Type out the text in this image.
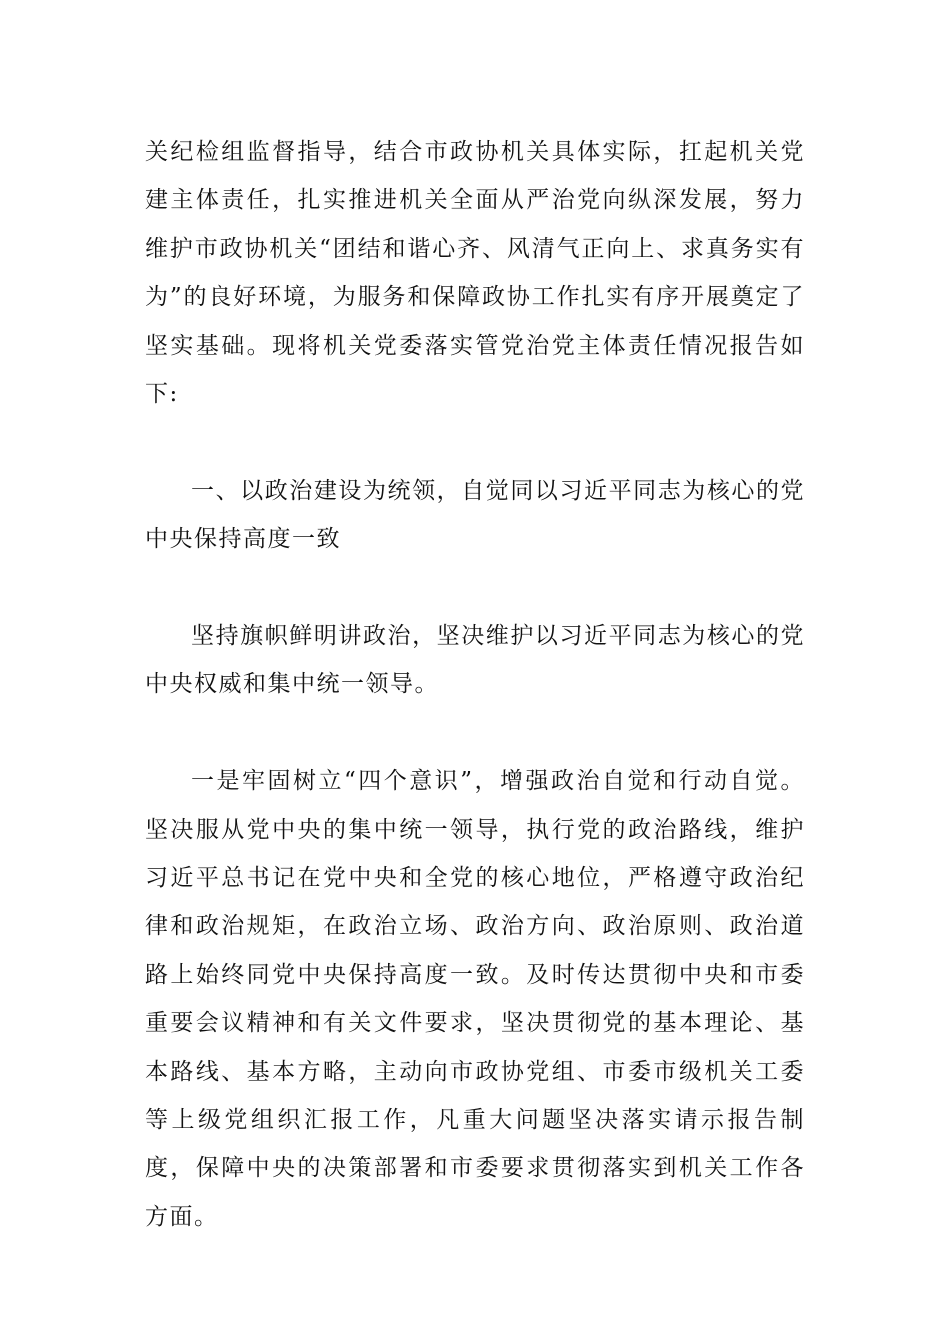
关纪检组监督指导，结合市政协机关具体实际，扛起机关党建主体责任，扎实推进机关全面从严治党向纵深发展，努力维护市政协机关“团结和谐心齐、风清气正向上、求真务实有为”的良好环境，为服务和保障政协工作扎实有序开展奠定了坚实基础。现将机关党委落实管党治党主体责任情况报告如下:

一、以政治建设为统领，自觉同以习近平同志为核心的党中央保持高度一致

坚持旗帜鲜明讲政治，坚决维护以习近平同志为核心的党中央权威和集中统一领导。

一是牢固树立“四个意识”，增强政治自觉和行动自觉。坚决服从党中央的集中统一领导，执行党的政治路线，维护习近平总书记在党中央和全党的核心地位，严格遵守政治纪律和政治规矩，在政治立场、政治方向、政治原则、政治道路上始终同党中央保持高度一致。及时传达贯彻中央和市委重要会议精神和有关文件要求，坚决贯彻党的基本理论、基本路线、基本方略，主动向市政协党组、市委市级机关工委等上级党组织汇报工作，凡重大问题坚决落实请示报告制度，保障中央的决策部署和市委要求贯彻落实到机关工作各方面。
